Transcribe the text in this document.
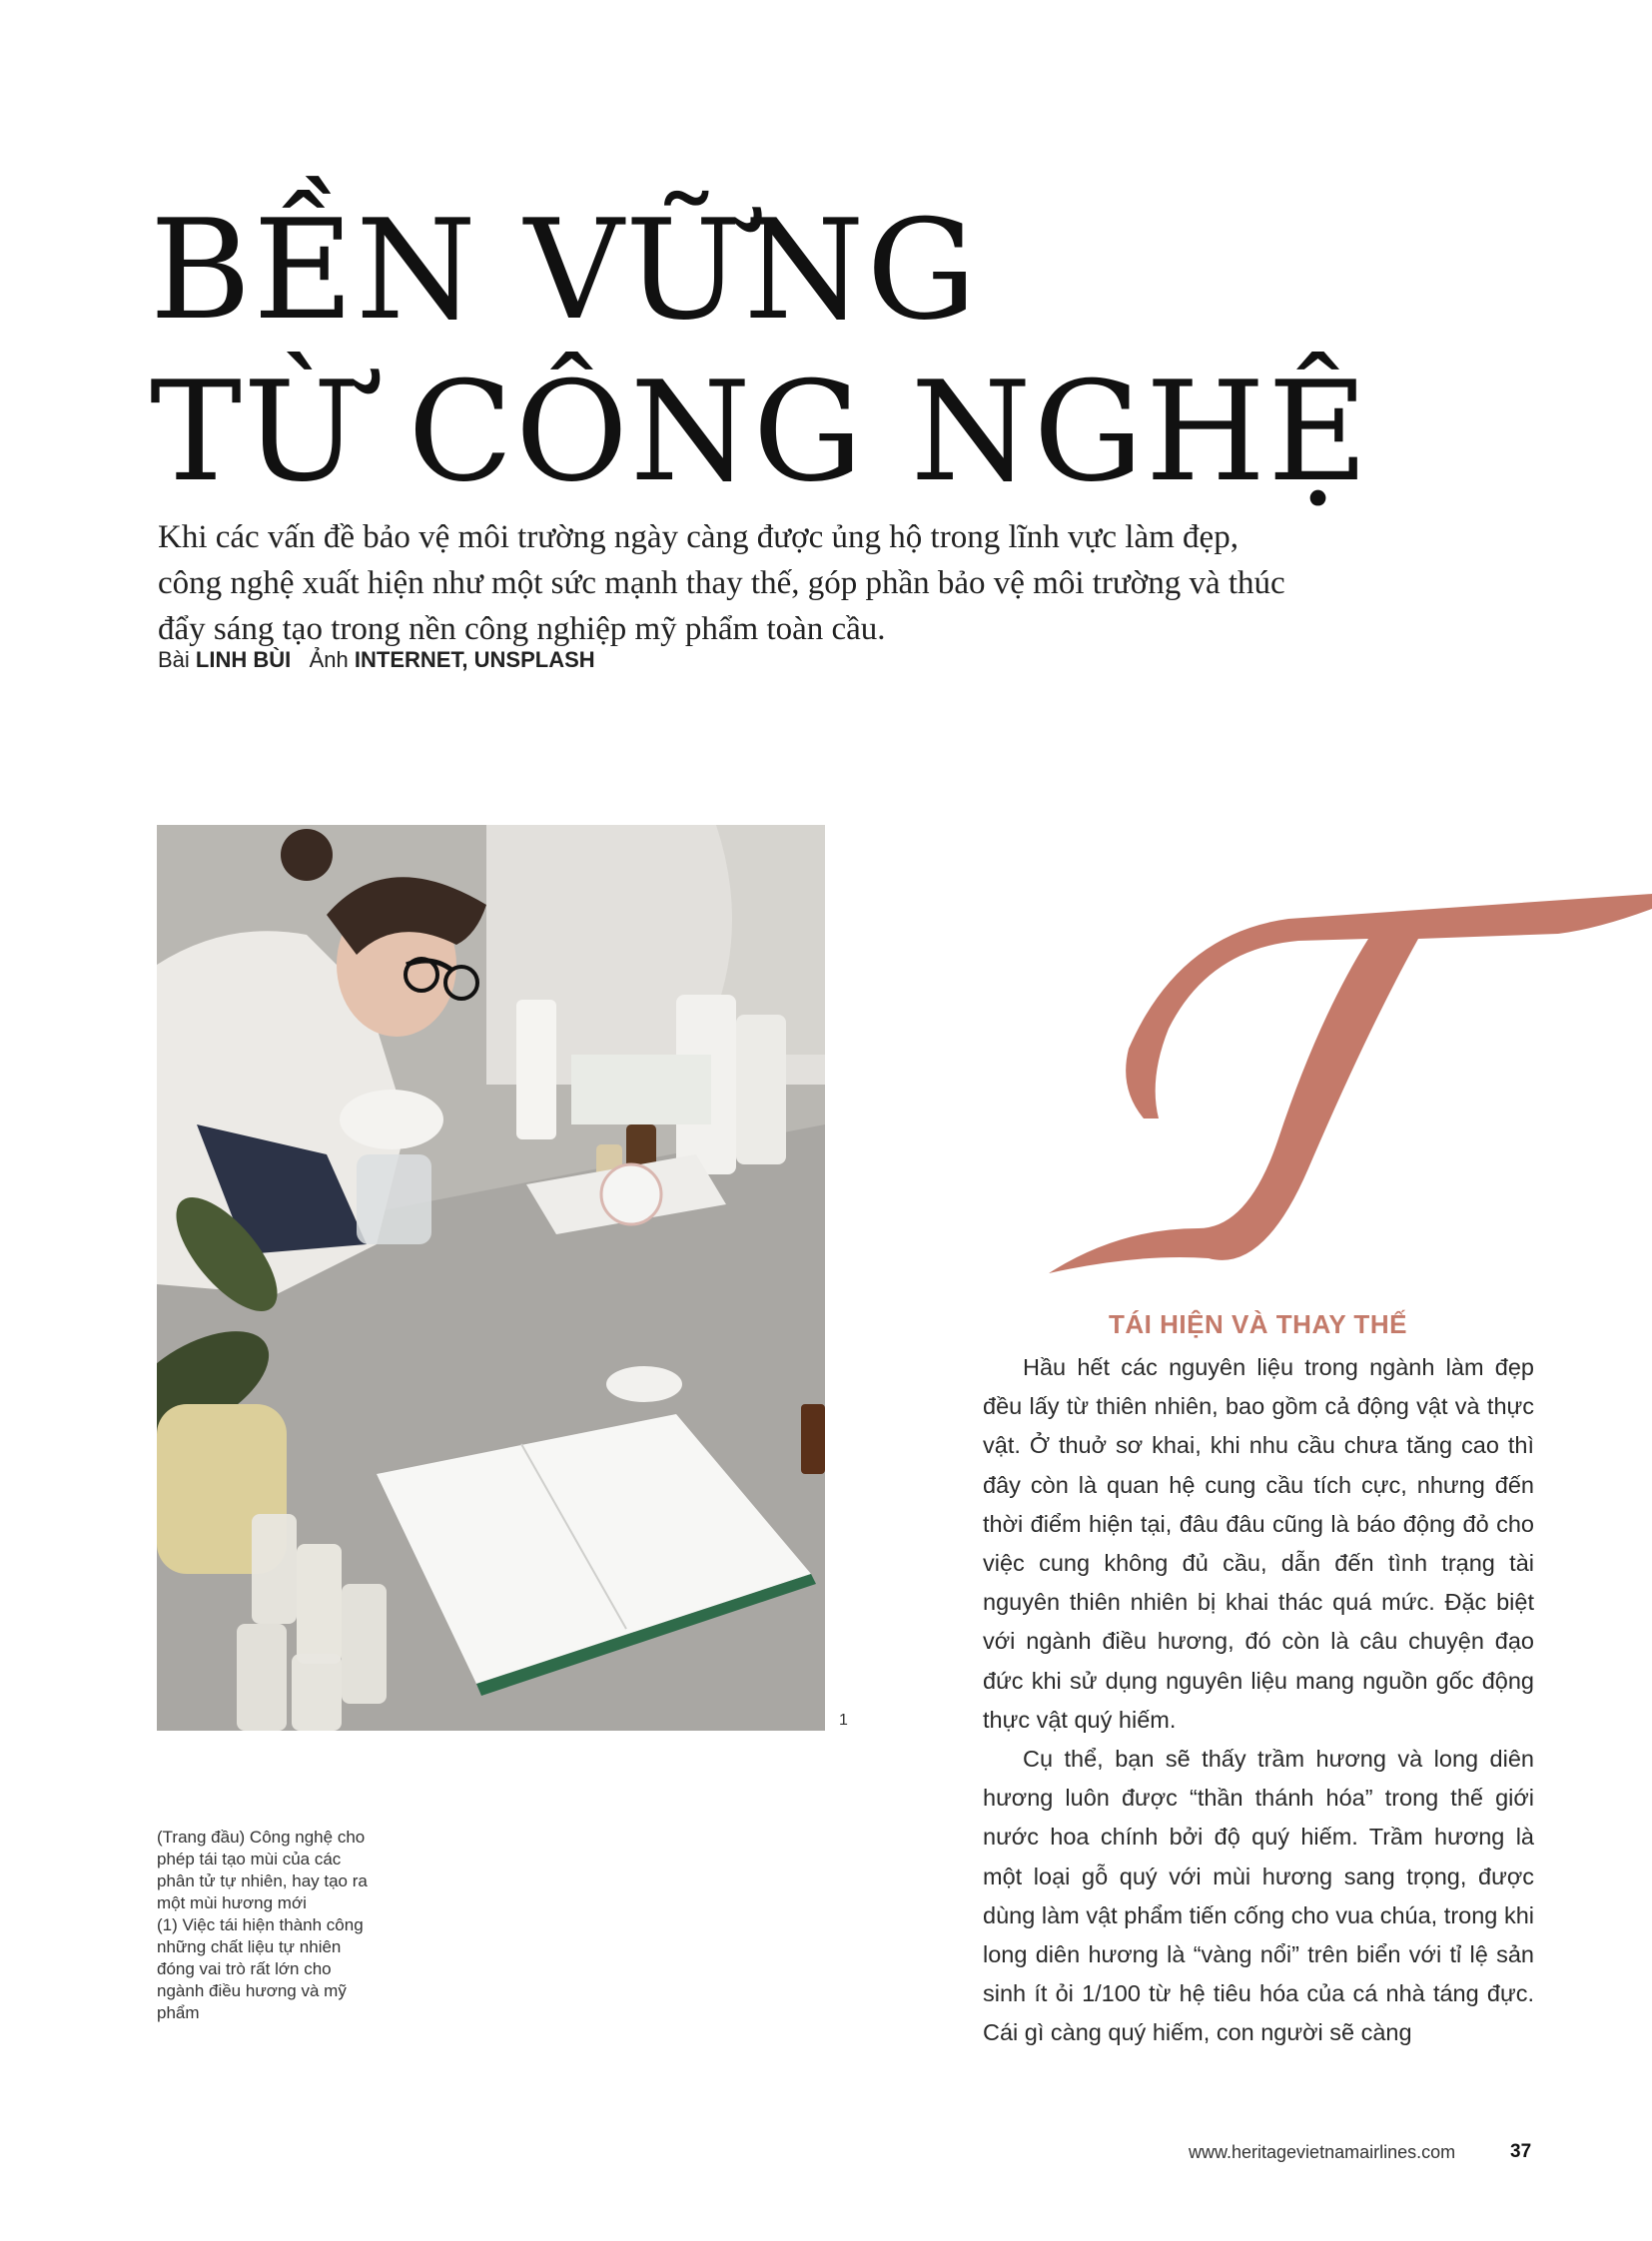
BỀN VỮNG
TỪ CÔNG NGHỆ

Khi các vấn đề bảo vệ môi trường ngày càng được ủng hộ trong lĩnh vực làm đẹp, công nghệ xuất hiện như một sức mạnh thay thế, góp phần bảo vệ môi trường và thúc đẩy sáng tạo trong nền công nghiệp mỹ phẩm toàn cầu.

Bài LINH BÙI Ảnh INTERNET, UNSPLASH
1

(Trang đầu) Công nghệ cho phép tái tạo mùi của các phân tử tự nhiên, hay tạo ra một mùi hương mới

(1) Việc tái hiện thành công những chất liệu tự nhiên đóng vai trò rất lớn cho ngành điều hương và mỹ phẩm

TÁI HIỆN VÀ THAY THẾ

Hầu hết các nguyên liệu trong ngành làm đẹp đều lấy từ thiên nhiên, bao gồm cả động vật và thực vật. Ở thuở sơ khai, khi nhu cầu chưa tăng cao thì đây còn là quan hệ cung cầu tích cực, nhưng đến thời điểm hiện tại, đâu đâu cũng là báo động đỏ cho việc cung không đủ cầu, dẫn đến tình trạng tài nguyên thiên nhiên bị khai thác quá mức. Đặc biệt với ngành điều hương, đó còn là câu chuyện đạo đức khi sử dụng nguyên liệu mang nguồn gốc động thực vật quý hiếm.

Cụ thể, bạn sẽ thấy trầm hương và long diên hương luôn được “thần thánh hóa” trong thế giới nước hoa chính bởi độ quý hiếm. Trầm hương là một loại gỗ quý với mùi hương sang trọng, được dùng làm vật phẩm tiến cống cho vua chúa, trong khi long diên hương là “vàng nổi” trên biển với tỉ lệ sản sinh ít ỏi 1/100 từ hệ tiêu hóa của cá nhà táng đực. Cái gì càng quý hiếm, con người sẽ càng

www.heritagevietnamairlines.com	37
